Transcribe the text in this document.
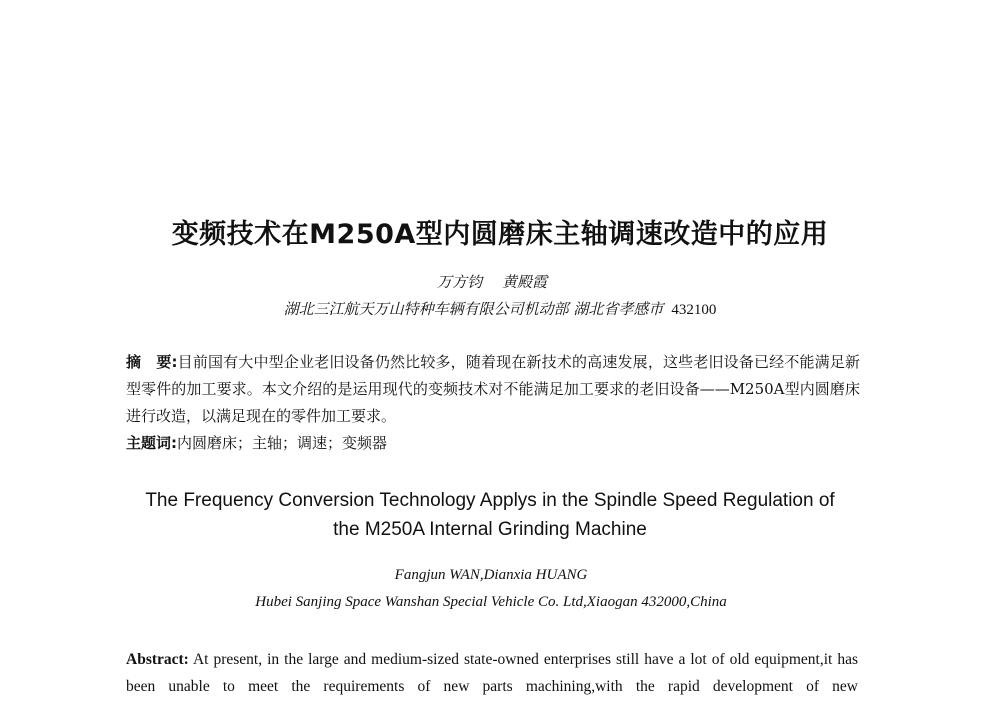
变频技术在M250A型内圆磨床主轴调速改造中的应用
万方钧 黄殿霞
湖北三江航天万山特种车辆有限公司机动部 湖北省孝感市 432100
摘　要:目前国有大中型企业老旧设备仍然比较多，随着现在新技术的高速发展，这些老旧设备已经不能满足新型零件的加工要求。本文介绍的是运用现代的变频技术对不能满足加工要求的老旧设备——M250A型内圆磨床进行改造，以满足现在的零件加工要求。
主题词:内圆磨床；主轴；调速；变频器
The Frequency Conversion Technology Applys in the Spindle Speed Regulation of
the M250A Internal Grinding Machine
Fangjun WAN,Dianxia HUANG
Hubei Sanjing Space Wanshan Special Vehicle Co. Ltd,Xiaogan 432000,China
Abstract: At present, in the large and medium-sized state-owned enterprises still have a lot of old equipment,it has been unable to meet the requirements of new parts machining,with the rapid development of new
